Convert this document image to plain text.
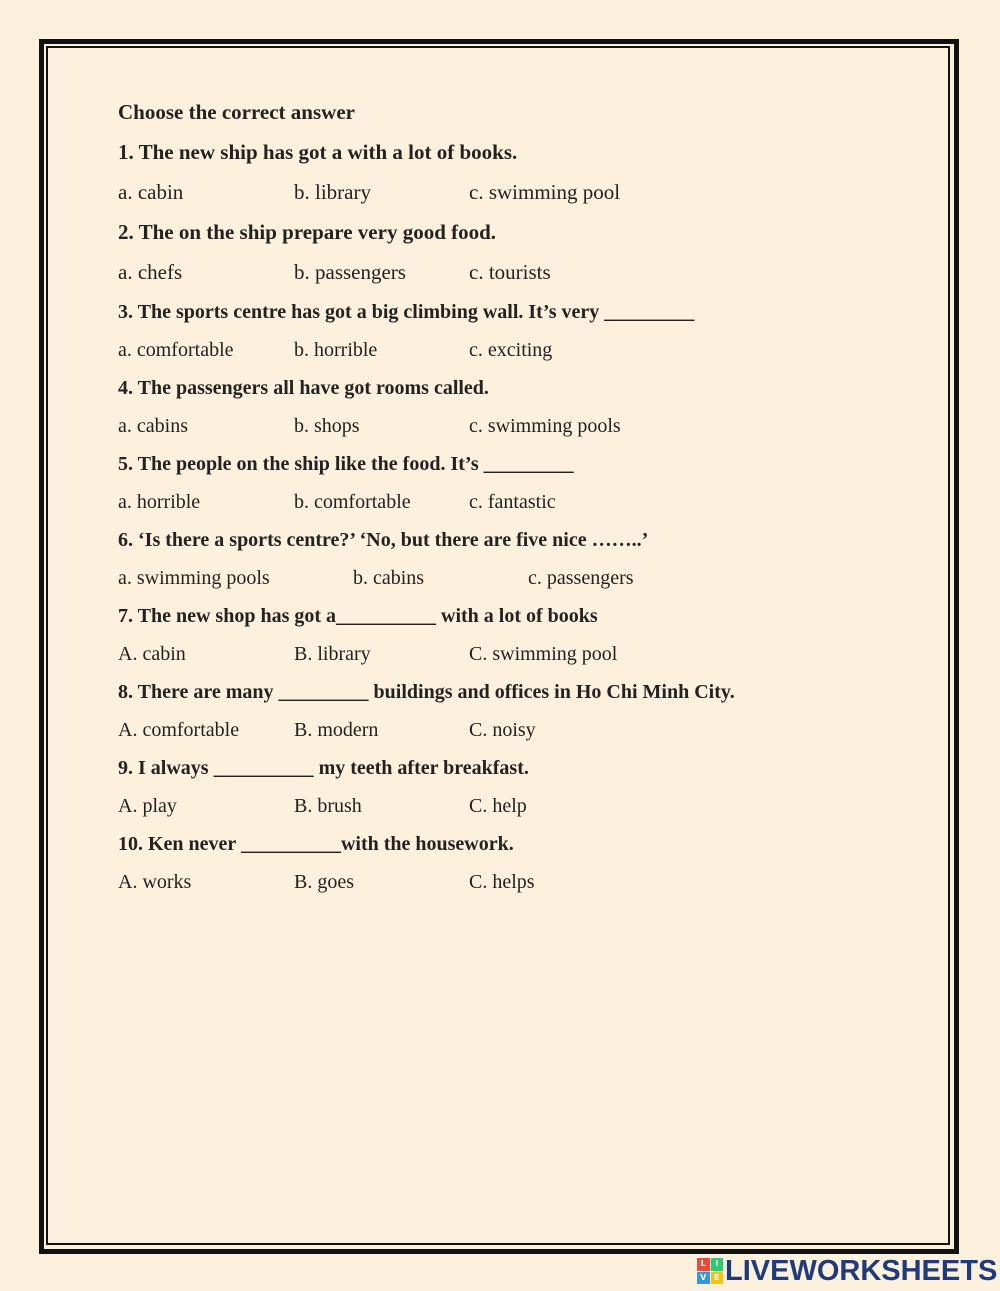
Choose the correct answer
1. The new ship has got a with a lot of books.
a. cabin	b. library	c. swimming pool
2. The on the ship prepare very good food.
a. chefs	b. passengers	c. tourists
3. The sports centre has got a big climbing wall. It’s very _________
a. comfortable	b. horrible	c. exciting
4. The passengers all have got rooms called.
a. cabins	b. shops	c. swimming pools
5. The people on the ship like the food. It’s _________
a. horrible	b. comfortable	c. fantastic
6. ‘Is there a sports centre?’ ‘No, but there are five nice ……..’
a. swimming pools	b. cabins	c. passengers
7. The new shop has got a__________ with a lot of books
A. cabin	B. library	C. swimming pool
8. There are many _________ buildings and offices in Ho Chi Minh City.
A. comfortable	B. modern	C. noisy
9. I always __________ my teeth after breakfast.
A. play	B. brush	C. help
10. Ken never __________with the housework.
A. works	B. goes	C. helps
L	I
V E LIVEWORKSHEETS
